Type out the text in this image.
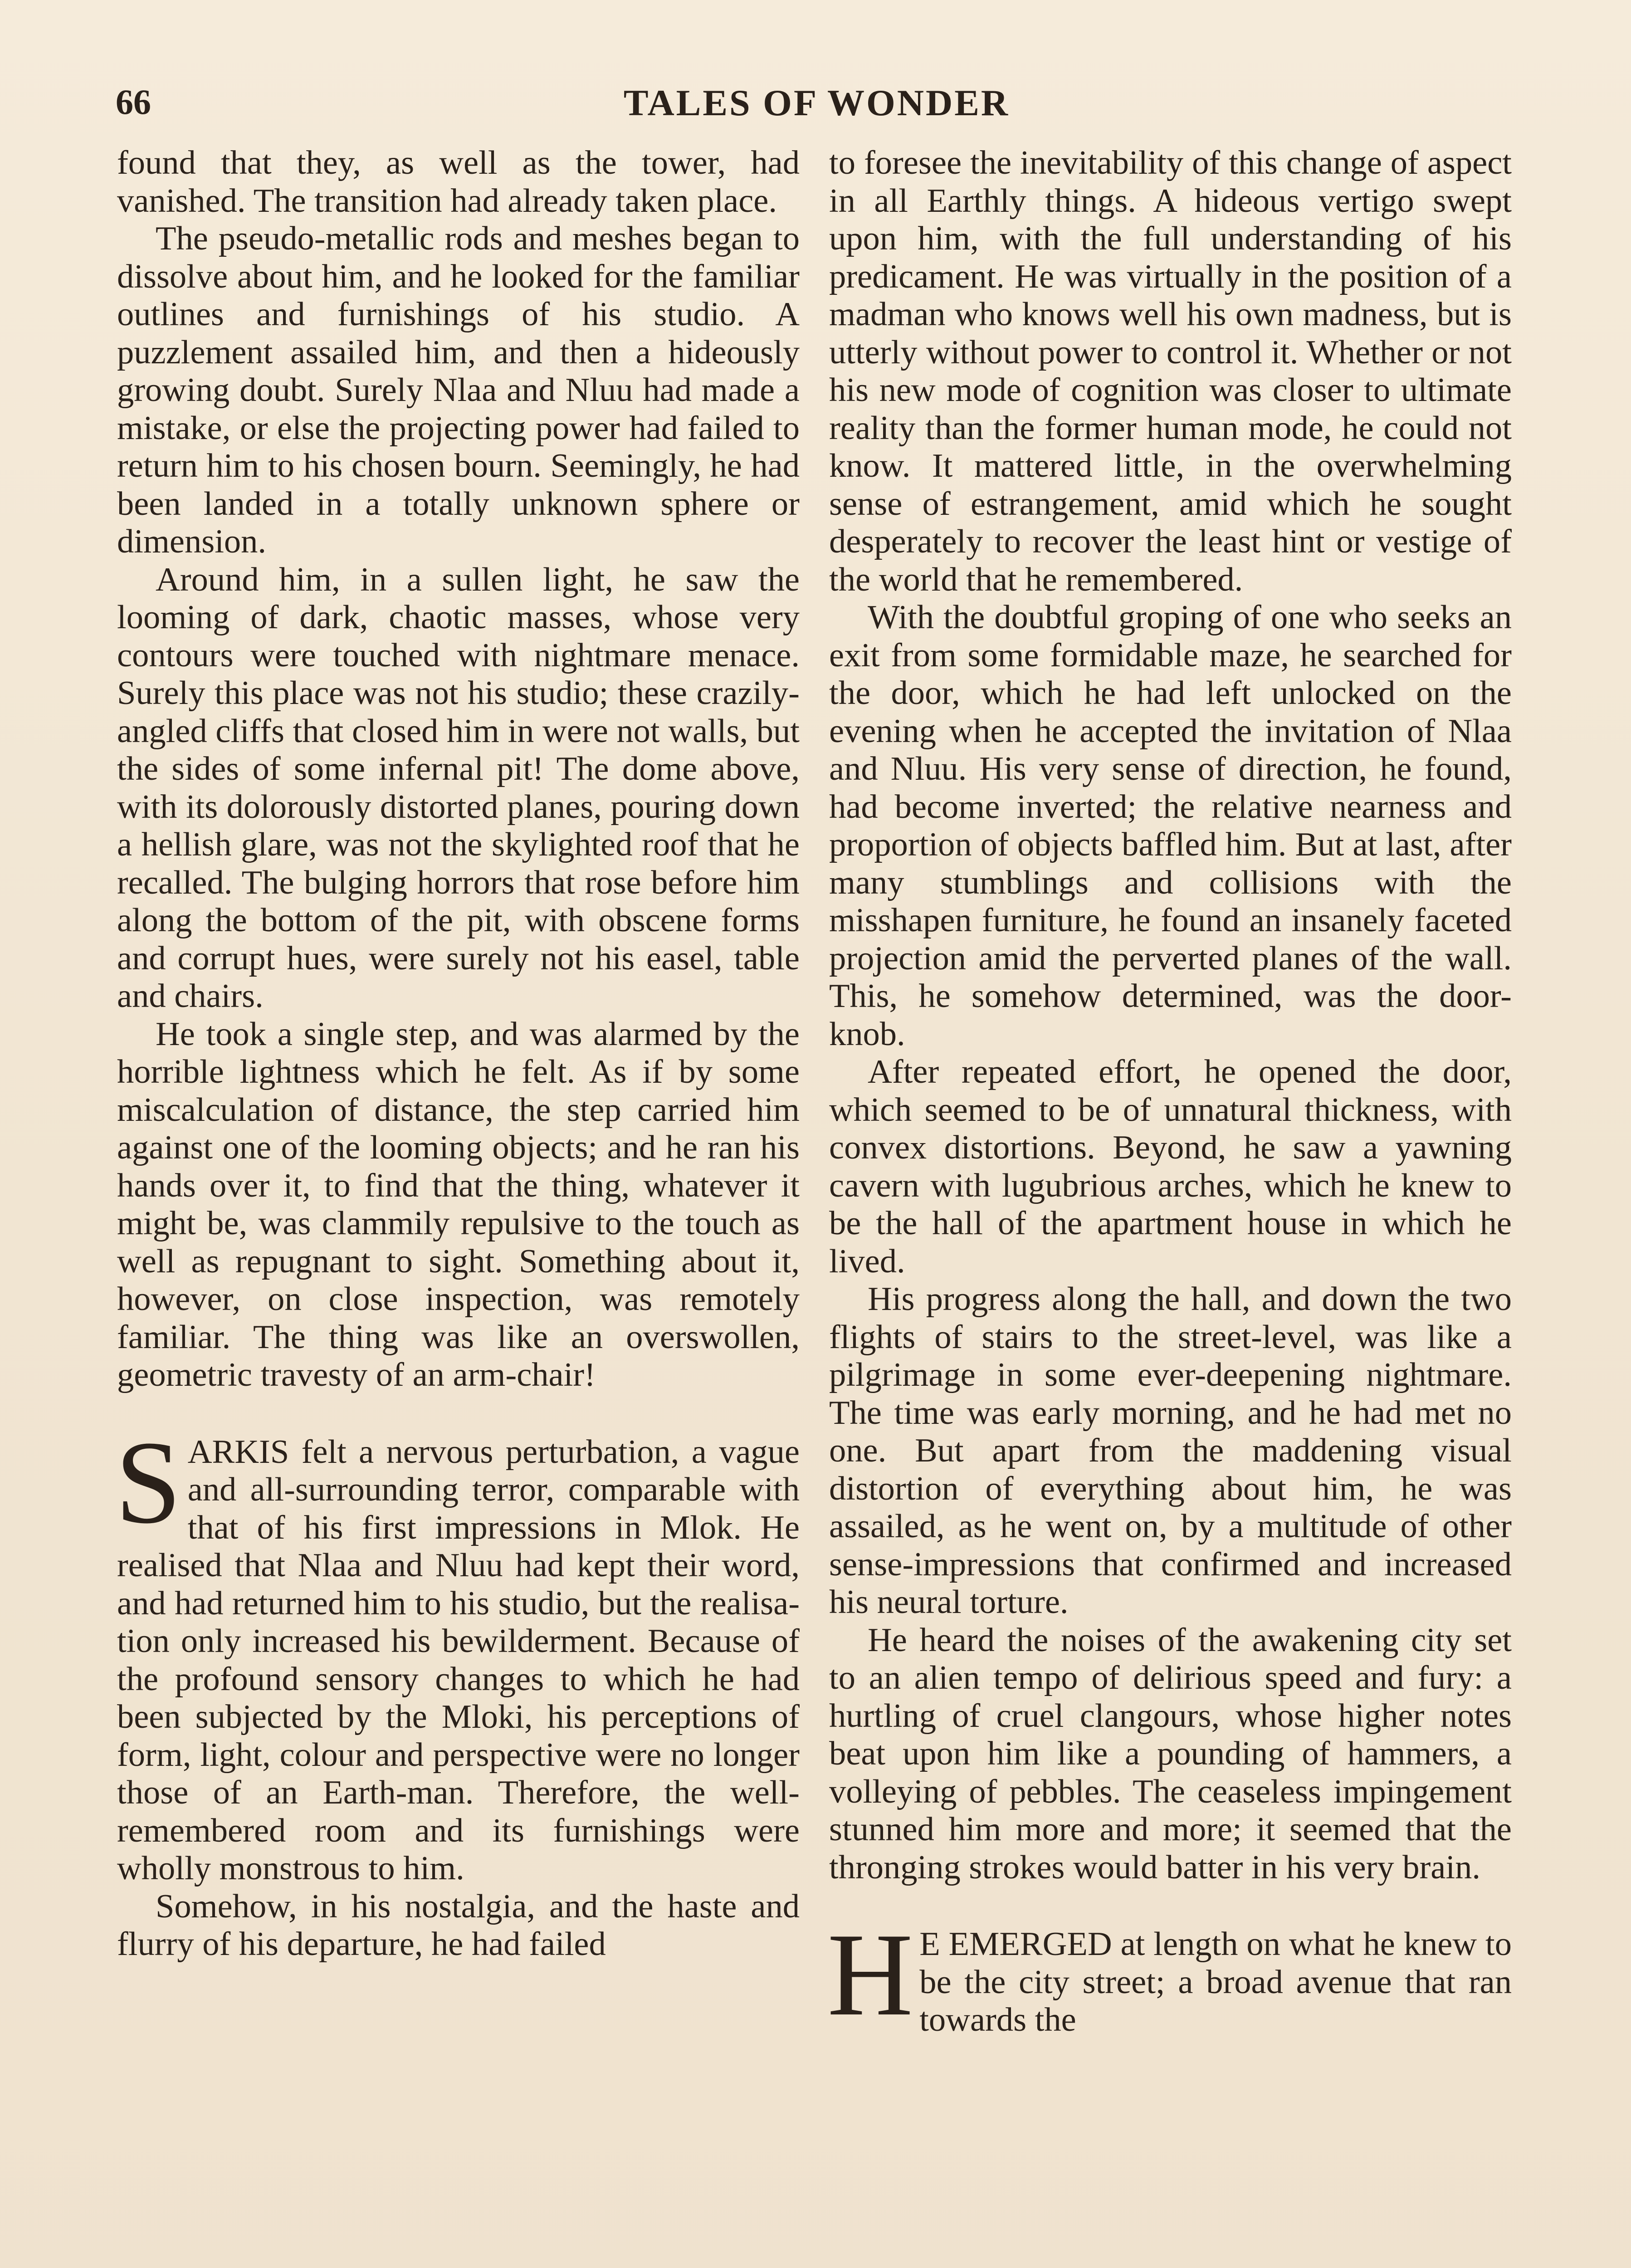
66	TALES OF WONDER

found that they, as well as the tower, had vanished. The transition had already taken place.

The pseudo-metallic rods and meshes began to dissolve about him, and he looked for the familiar outlines and furnishings of his studio. A puzzlement assailed him, and then a hideously growing doubt. Surely Nlaa and Nluu had made a mistake, or else the projecting power had failed to return him to his chosen bourn. Seemingly, he had been landed in a totally unknown sphere or dimension.

Around him, in a sullen light, he saw the looming of dark, chaotic masses, whose very contours were touched with nightmare menace. Surely this place was not his studio; these crazily-angled cliffs that closed him in were not walls, but the sides of some infernal pit! The dome above, with its dolorously distorted planes, pouring down a hellish glare, was not the skylighted roof that he recalled. The bulging horrors that rose before him along the bottom of the pit, with obscene forms and corrupt hues, were surely not his easel, table and chairs.

He took a single step, and was alarmed by the horrible lightness which he felt. As if by some miscalculation of distance, the step carried him against one of the looming objects; and he ran his hands over it, to find that the thing, whatever it might be, was clammily repulsive to the touch as well as repugnant to sight. Something about it, however, on close inspection, was remotely familiar. The thing was like an overswollen, geometric travesty of an arm-chair!

S ARKIS felt a nervous perturbation, a vague and all-surrounding terror, comparable with that of his first impressions in Mlok. He realised that Nlaa and Nluu had kept their word, and had returned him to his studio, but the realisation only increased his bewilderment. Because of the profound sensory changes to which he had been subjected by the Mloki, his perceptions of form, light, colour and perspective were no longer those of an Earth-man. Therefore, the well-remembered room and its furnishings were wholly monstrous to him.

Somehow, in his nostalgia, and the haste and flurry of his departure, he had failed

to foresee the inevitability of this change of aspect in all Earthly things. A hideous vertigo swept upon him, with the full understanding of his predicament. He was virtually in the position of a madman who knows well his own madness, but is utterly without power to control it. Whether or not his new mode of cognition was closer to ultimate reality than the former human mode, he could not know. It mattered little, in the overwhelming sense of estrangement, amid which he sought desperately to recover the least hint or vestige of the world that he remembered.

With the doubtful groping of one who seeks an exit from some formidable maze, he searched for the door, which he had left unlocked on the evening when he accepted the invitation of Nlaa and Nluu. His very sense of direction, he found, had become inverted; the relative nearness and proportion of objects baffled him. But at last, after many stumblings and collisions with the misshapen furniture, he found an insanely faceted projection amid the perverted planes of the wall. This, he somehow determined, was the door-knob.

After repeated effort, he opened the door, which seemed to be of unnatural thickness, with convex distortions. Beyond, he saw a yawning cavern with lugubrious arches, which he knew to be the hall of the apartment house in which he lived.

His progress along the hall, and down the two flights of stairs to the street-level, was like a pilgrimage in some ever-deepening nightmare. The time was early morning, and he had met no one. But apart from the maddening visual distortion of everything about him, he was assailed, as he went on, by a multitude of other sense-impressions that confirmed and increased his neural torture.

He heard the noises of the awakening city set to an alien tempo of delirious speed and fury: a hurtling of cruel clangours, whose higher notes beat upon him like a pounding of hammers, a volleying of pebbles. The ceaseless impingement stunned him more and more; it seemed that the thronging strokes would batter in his very brain.

H E EMERGED at length on what he knew to be the city street; a broad avenue that ran towards the
